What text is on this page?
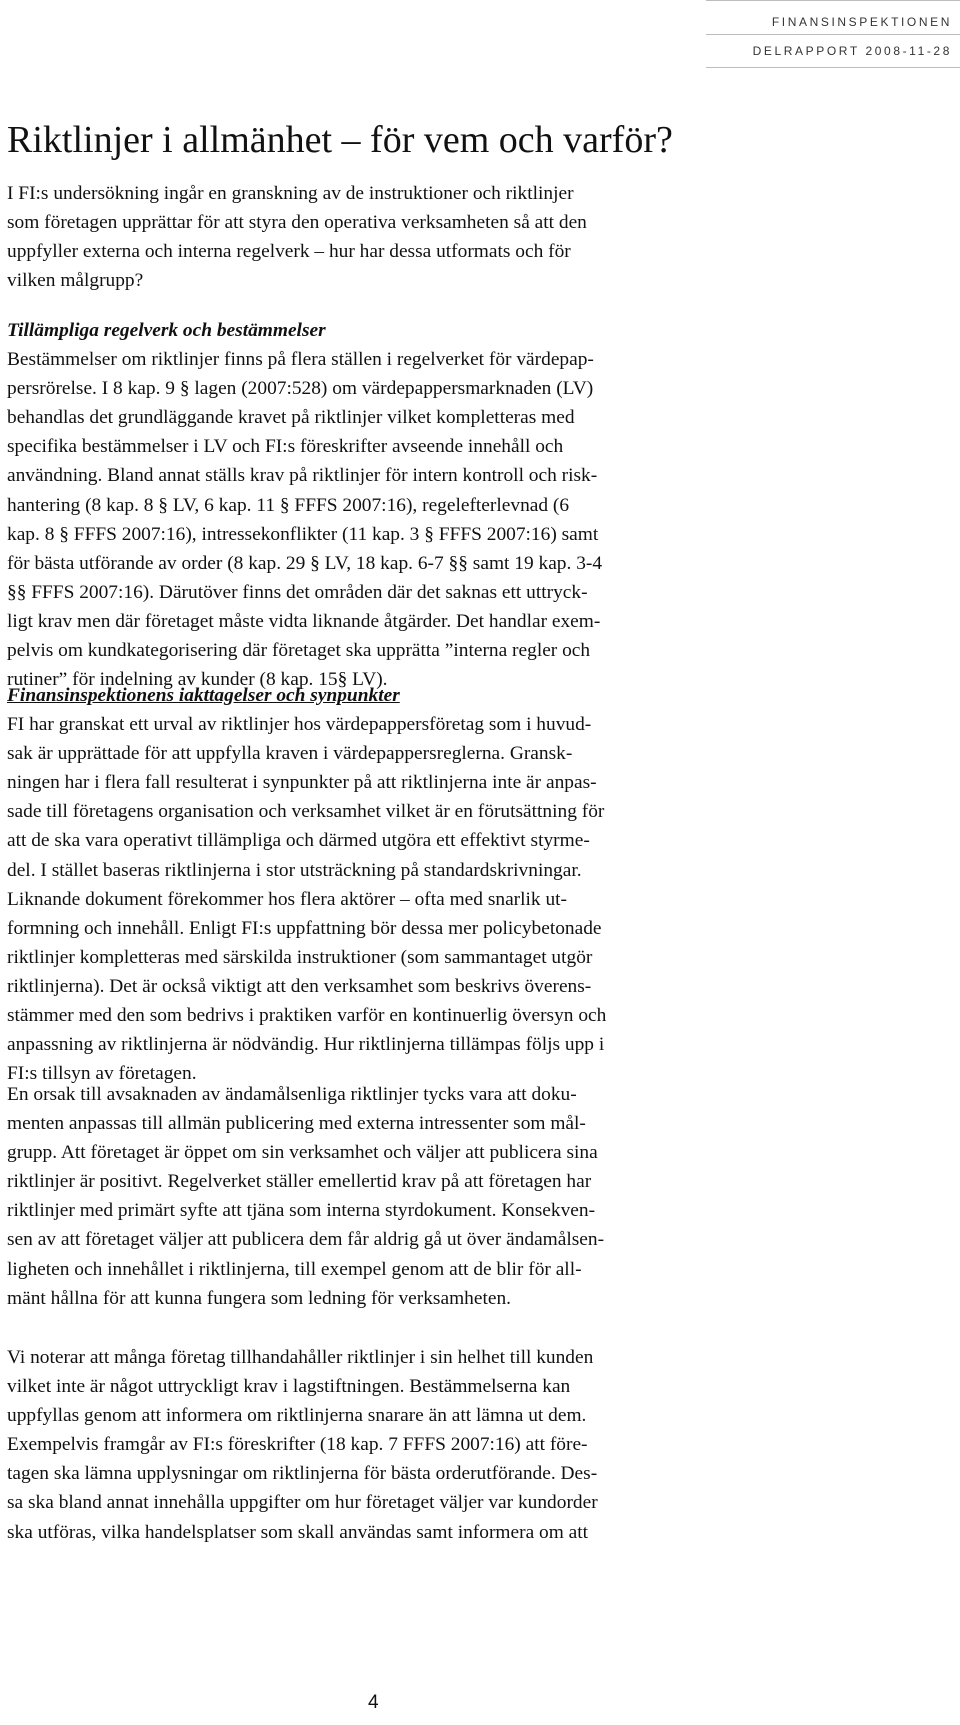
FINANSINSPEKTIONEN
DELRAPPORT 2008-11-28
Riktlinjer i allmänhet – för vem och varför?

I FI:s undersökning ingår en granskning av de instruktioner och riktlinjer
som företagen upprättar för att styra den operativa verksamheten så att den
uppfyller externa och interna regelverk – hur har dessa utformats och för
vilken målgrupp?

Tillämpliga regelverk och bestämmelser
Bestämmelser om riktlinjer finns på flera ställen i regelverket för värdepap-
persrörelse. I 8 kap. 9 § lagen (2007:528) om värdepappersmarknaden (LV)
behandlas det grundläggande kravet på riktlinjer vilket kompletteras med
specifika bestämmelser i LV och FI:s föreskrifter avseende innehåll och
användning. Bland annat ställs krav på riktlinjer för intern kontroll och risk-
hantering (8 kap. 8 § LV, 6 kap. 11 § FFFS 2007:16), regelefterlevnad (6
kap. 8 § FFFS 2007:16), intressekonflikter (11 kap. 3 § FFFS 2007:16) samt
för bästa utförande av order (8 kap. 29 § LV, 18 kap. 6-7 §§ samt 19 kap. 3-4
§§ FFFS 2007:16). Därutöver finns det områden där det saknas ett uttryck-
ligt krav men där företaget måste vidta liknande åtgärder. Det handlar exem-
pelvis om kundkategorisering där företaget ska upprätta ”interna regler och
rutiner” för indelning av kunder (8 kap. 15§ LV).

Finansinspektionens iakttagelser och synpunkter
FI har granskat ett urval av riktlinjer hos värdepappersföretag som i huvud-
sak är upprättade för att uppfylla kraven i värdepappersreglerna. Gransk-
ningen har i flera fall resulterat i synpunkter på att riktlinjerna inte är anpas-
sade till företagens organisation och verksamhet vilket är en förutsättning för
att de ska vara operativt tillämpliga och därmed utgöra ett effektivt styrme-
del. I stället baseras riktlinjerna i stor utsträckning på standardskrivningar.
Liknande dokument förekommer hos flera aktörer – ofta med snarlik ut-
formning och innehåll. Enligt FI:s uppfattning bör dessa mer policybetonade
riktlinjer kompletteras med särskilda instruktioner (som sammantaget utgör
riktlinjerna). Det är också viktigt att den verksamhet som beskrivs överens-
stämmer med den som bedrivs i praktiken varför en kontinuerlig översyn och
anpassning av riktlinjerna är nödvändig. Hur riktlinjerna tillämpas följs upp i
FI:s tillsyn av företagen.

En orsak till avsaknaden av ändamålsenliga riktlinjer tycks vara att doku-
menten anpassas till allmän publicering med externa intressenter som mål-
grupp. Att företaget är öppet om sin verksamhet och väljer att publicera sina
riktlinjer är positivt. Regelverket ställer emellertid krav på att företagen har
riktlinjer med primärt syfte att tjäna som interna styrdokument. Konsekven-
sen av att företaget väljer att publicera dem får aldrig gå ut över ändamålsen-
ligheten och innehållet i riktlinjerna, till exempel genom att de blir för all-
mänt hållna för att kunna fungera som ledning för verksamheten.

Vi noterar att många företag tillhandahåller riktlinjer i sin helhet till kunden
vilket inte är något uttryckligt krav i lagstiftningen. Bestämmelserna kan
uppfyllas genom att informera om riktlinjerna snarare än att lämna ut dem.
Exempelvis framgår av FI:s föreskrifter (18 kap. 7 FFFS 2007:16) att före-
tagen ska lämna upplysningar om riktlinjerna för bästa orderutförande. Des-
sa ska bland annat innehålla uppgifter om hur företaget väljer var kundorder
ska utföras, vilka handelsplatser som skall användas samt informera om att

4
